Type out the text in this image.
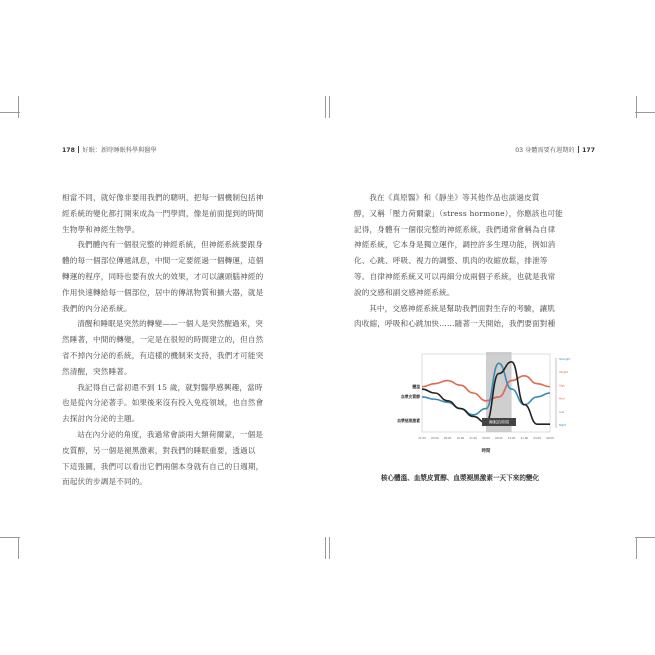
178 好眠：新時睡眠科學與醫學	03 身體需要有週期的 177

相當不同，就好像非要用我們的聰明，把每一個機制包括神

經系統的變化都打開來成為一門學問，像是前面提到的時間

生物學和神經生物學。

我們體內有一個很完整的神經系統，但神經系統要跟身

體的每一個部位傳遞訊息，中間一定要經過一個轉運，這個

轉運的程序，同時也要有放大的效果，才可以讓頭腦神經的

作用快速轉給每一個部位，居中的傳訊物質和擴大器，就是

我們的內分泌系統。

清醒和睡眠是突然的轉變——一個人是突然醒過來，突

然睡著，中間的轉變，一定是在很短的時間建立的，但自然

省不掉內分泌的系統，有這樣的機制來支持，我們才可能突

然清醒，突然睡著。

我記得自己當初還不到 15 歲，就對醫學感興趣，當時

也是從內分泌著手。如果後來沒有投入免疫領域，也自然會

去探討內分泌的主題。

站在內分泌的角度，我過常會談兩大類荷爾蒙，一個是

皮質醇，另一個是褪黑激素，對我們的睡眠重要，透過以

下這張圖，我們可以看出它們兩個本身就有自己的日週期，

而起伏的步調是不同的。

我在《真原醫》和《靜坐》等其他作品也談過皮質

醇，又稱「壓力荷爾蒙」（stress hormone），你應該也可能

記得，身體有一個很完整的神經系統，我們通常會稱為自律

神經系統，它本身是獨立運作，調控許多生理功能，例如消

化、心跳、呼吸、視力的調整、肌肉的收縮放鬆，排泄等

等。自律神經系統又可以再細分成兩個子系統，也就是我常

說的交感和副交感神經系統。

其中，交感神經系統是幫助我們面對生存的考驗，讓肌

肉收縮，呼吸和心跳加快……隨著一天開始，我們要面對種

體溫
血漿皮質醇
血漿褪黑激素	睡眠的時間
21:00 03:00 09:00 15:00 21:00 03:00 09:00 15:00 21:00 03:00 09:00
時間
Strength
Weight
High
Med
Low
Night
核心體溫、血漿皮質醇、血漿褪黑激素一天下來的變化
